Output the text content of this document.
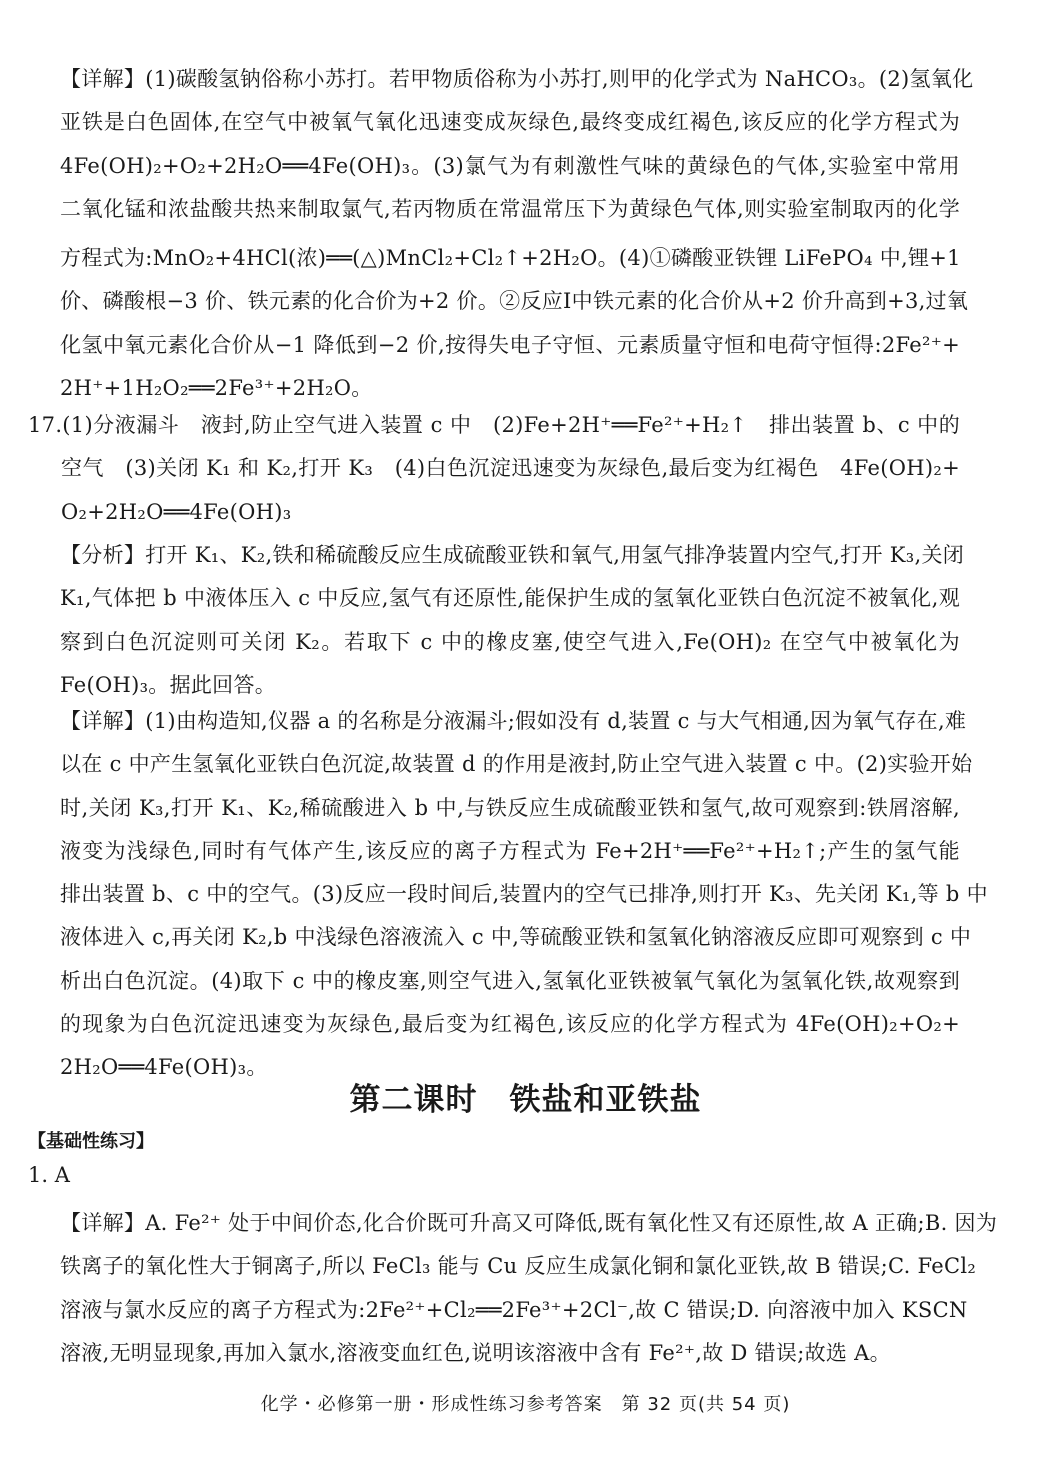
【详解】(1)碳酸氢钠俗称小苏打。若甲物质俗称为小苏打,则甲的化学式为 NaHCO₃。(2)氢氧化
亚铁是白色固体,在空气中被氧气氧化迅速变成灰绿色,最终变成红褐色,该反应的化学方程式为
4Fe(OH)₂+O₂+2H₂O══4Fe(OH)₃。(3)氯气为有刺激性气味的黄绿色的气体,实验室中常用
二氧化锰和浓盐酸共热来制取氯气,若丙物质在常温常压下为黄绿色气体,则实验室制取丙的化学
方程式为:MnO₂+4HCl(浓)══(△)MnCl₂+Cl₂↑+2H₂O。(4)①磷酸亚铁锂 LiFePO₄ 中,锂+1
价、磷酸根−3 价、铁元素的化合价为+2 价。②反应Ⅰ中铁元素的化合价从+2 价升高到+3,过氧
化氢中氧元素化合价从−1 降低到−2 价,按得失电子守恒、元素质量守恒和电荷守恒得:2Fe²⁺+
2H⁺+1H₂O₂══2Fe³⁺+2H₂O。
17.(1)分液漏斗　液封,防止空气进入装置 c 中　(2)Fe+2H⁺══Fe²⁺+H₂↑　排出装置 b、c 中的
空气　(3)关闭 K₁ 和 K₂,打开 K₃　(4)白色沉淀迅速变为灰绿色,最后变为红褐色　4Fe(OH)₂+
O₂+2H₂O══4Fe(OH)₃
【分析】打开 K₁、K₂,铁和稀硫酸反应生成硫酸亚铁和氧气,用氢气排净装置内空气,打开 K₃,关闭
K₁,气体把 b 中液体压入 c 中反应,氢气有还原性,能保护生成的氢氧化亚铁白色沉淀不被氧化,观
察到白色沉淀则可关闭 K₂。若取下 c 中的橡皮塞,使空气进入,Fe(OH)₂ 在空气中被氧化为
Fe(OH)₃。据此回答。
【详解】(1)由构造知,仪器 a 的名称是分液漏斗;假如没有 d,装置 c 与大气相通,因为氧气存在,难
以在 c 中产生氢氧化亚铁白色沉淀,故装置 d 的作用是液封,防止空气进入装置 c 中。(2)实验开始
时,关闭 K₃,打开 K₁、K₂,稀硫酸进入 b 中,与铁反应生成硫酸亚铁和氢气,故可观察到:铁屑溶解,
液变为浅绿色,同时有气体产生,该反应的离子方程式为 Fe+2H⁺══Fe²⁺+H₂↑;产生的氢气能
排出装置 b、c 中的空气。(3)反应一段时间后,装置内的空气已排净,则打开 K₃、先关闭 K₁,等 b 中
液体进入 c,再关闭 K₂,b 中浅绿色溶液流入 c 中,等硫酸亚铁和氢氧化钠溶液反应即可观察到 c 中
析出白色沉淀。(4)取下 c 中的橡皮塞,则空气进入,氢氧化亚铁被氧气氧化为氢氧化铁,故观察到
的现象为白色沉淀迅速变为灰绿色,最后变为红褐色,该反应的化学方程式为 4Fe(OH)₂+O₂+
2H₂O══4Fe(OH)₃。
第二课时　铁盐和亚铁盐
【基础性练习】
1. A
【详解】A. Fe²⁺ 处于中间价态,化合价既可升高又可降低,既有氧化性又有还原性,故 A 正确;B. 因为
铁离子的氧化性大于铜离子,所以 FeCl₃ 能与 Cu 反应生成氯化铜和氯化亚铁,故 B 错误;C. FeCl₂
溶液与氯水反应的离子方程式为:2Fe²⁺+Cl₂══2Fe³⁺+2Cl⁻,故 C 错误;D. 向溶液中加入 KSCN
溶液,无明显现象,再加入氯水,溶液变血红色,说明该溶液中含有 Fe²⁺,故 D 错误;故选 A。
化学・必修第一册・形成性练习参考答案　第 32 页(共 54 页)
